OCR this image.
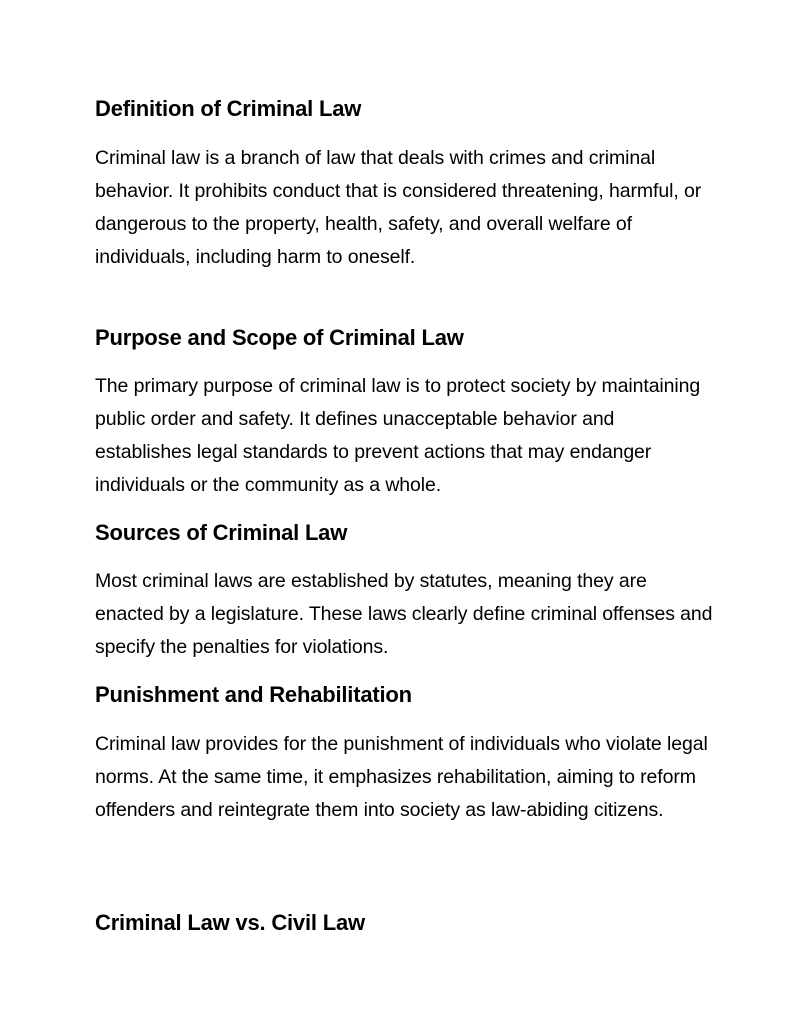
Definition of Criminal Law

Criminal law is a branch of law that deals with crimes and criminal behavior. It prohibits conduct that is considered threatening, harmful, or dangerous to the property, health, safety, and overall welfare of individuals, including harm to oneself.

Purpose and Scope of Criminal Law

The primary purpose of criminal law is to protect society by maintaining public order and safety. It defines unacceptable behavior and establishes legal standards to prevent actions that may endanger individuals or the community as a whole.

Sources of Criminal Law

Most criminal laws are established by statutes, meaning they are enacted by a legislature. These laws clearly define criminal offenses and specify the penalties for violations.

Punishment and Rehabilitation

Criminal law provides for the punishment of individuals who violate legal norms. At the same time, it emphasizes rehabilitation, aiming to reform offenders and reintegrate them into society as law-abiding citizens.

Criminal Law vs. Civil Law
